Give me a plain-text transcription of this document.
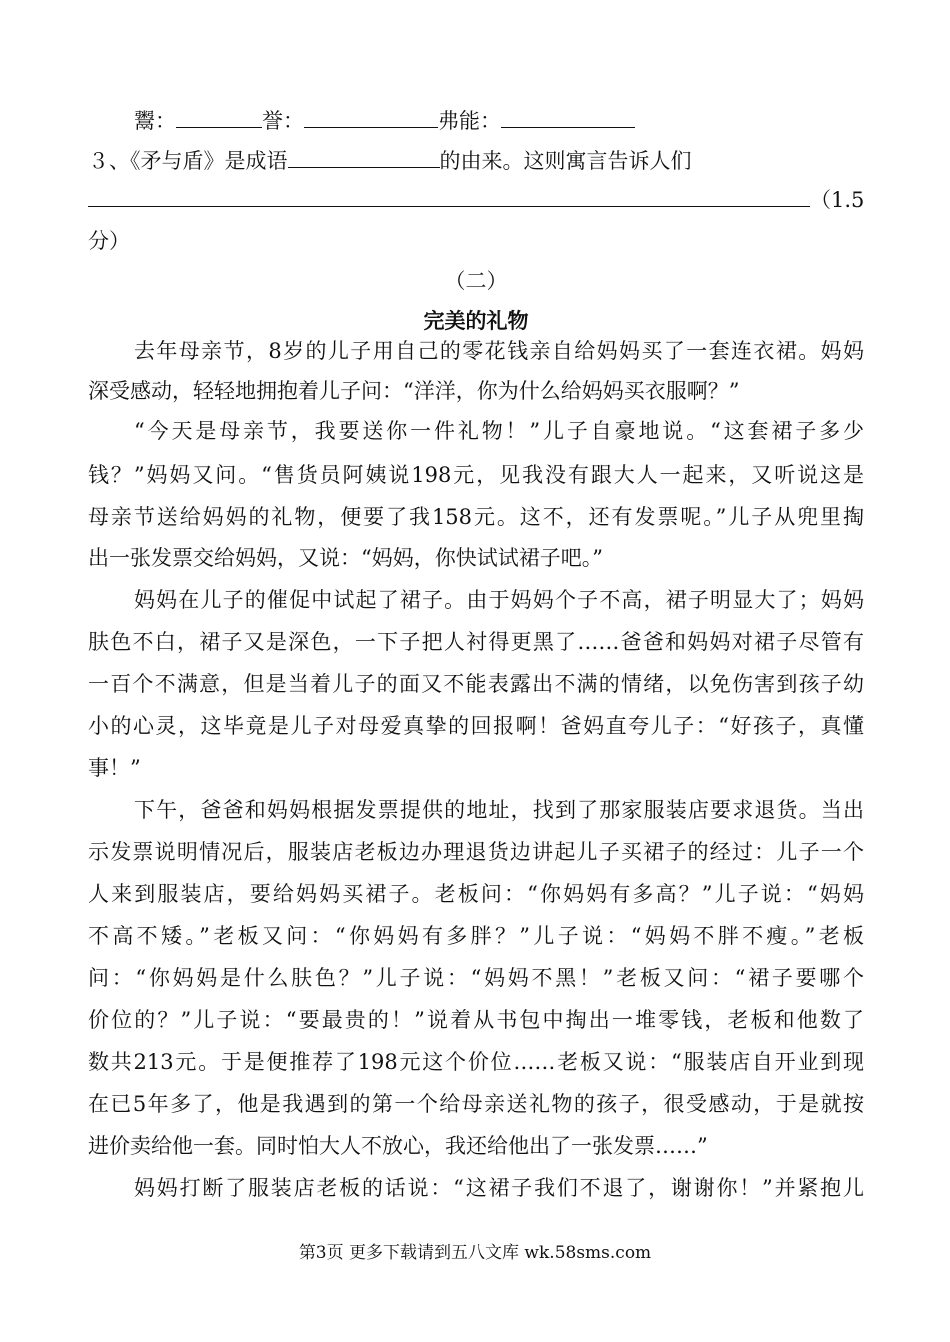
鬻：	誉：	弗能：
３、《矛与盾》是成语	的由来。这则寓言告诉人们
（1.5
分）
（二）
完美的礼物
去年母亲节，8岁的儿子用自己的零花钱亲自给妈妈买了一套连衣裙。妈妈
深受感动，轻轻地拥抱着儿子问：“洋洋，你为什么给妈妈买衣服啊？”
“今天是母亲节，我要送你一件礼物！”儿子自豪地说。“这套裙子多少
钱？”妈妈又问。“售货员阿姨说198元，见我没有跟大人一起来，又听说这是
母亲节送给妈妈的礼物，便要了我158元。这不，还有发票呢。”儿子从兜里掏
出一张发票交给妈妈，又说：“妈妈，你快试试裙子吧。”
妈妈在儿子的催促中试起了裙子。由于妈妈个子不高，裙子明显大了；妈妈
肤色不白，裙子又是深色，一下子把人衬得更黑了……爸爸和妈妈对裙子尽管有
一百个不满意，但是当着儿子的面又不能表露出不满的情绪，以免伤害到孩子幼
小的心灵，这毕竟是儿子对母爱真挚的回报啊！爸妈直夸儿子：“好孩子，真懂
事！”
下午，爸爸和妈妈根据发票提供的地址，找到了那家服装店要求退货。当出
示发票说明情况后，服装店老板边办理退货边讲起儿子买裙子的经过：儿子一个
人来到服装店，要给妈妈买裙子。老板问：“你妈妈有多高？”儿子说：“妈妈
不高不矮。”老板又问：“你妈妈有多胖？”儿子说：“妈妈不胖不瘦。”老板
问：“你妈妈是什么肤色？”儿子说：“妈妈不黑！”老板又问：“裙子要哪个
价位的？”儿子说：“要最贵的！”说着从书包中掏出一堆零钱，老板和他数了
数共213元。于是便推荐了198元这个价位……老板又说：“服装店自开业到现
在已5年多了，他是我遇到的第一个给母亲送礼物的孩子，很受感动，于是就按
进价卖给他一套。同时怕大人不放心，我还给他出了一张发票……”
妈妈打断了服装店老板的话说：“这裙子我们不退了，谢谢你！”并紧抱儿
第3页 更多下载请到五八文库 wk.58sms.com
